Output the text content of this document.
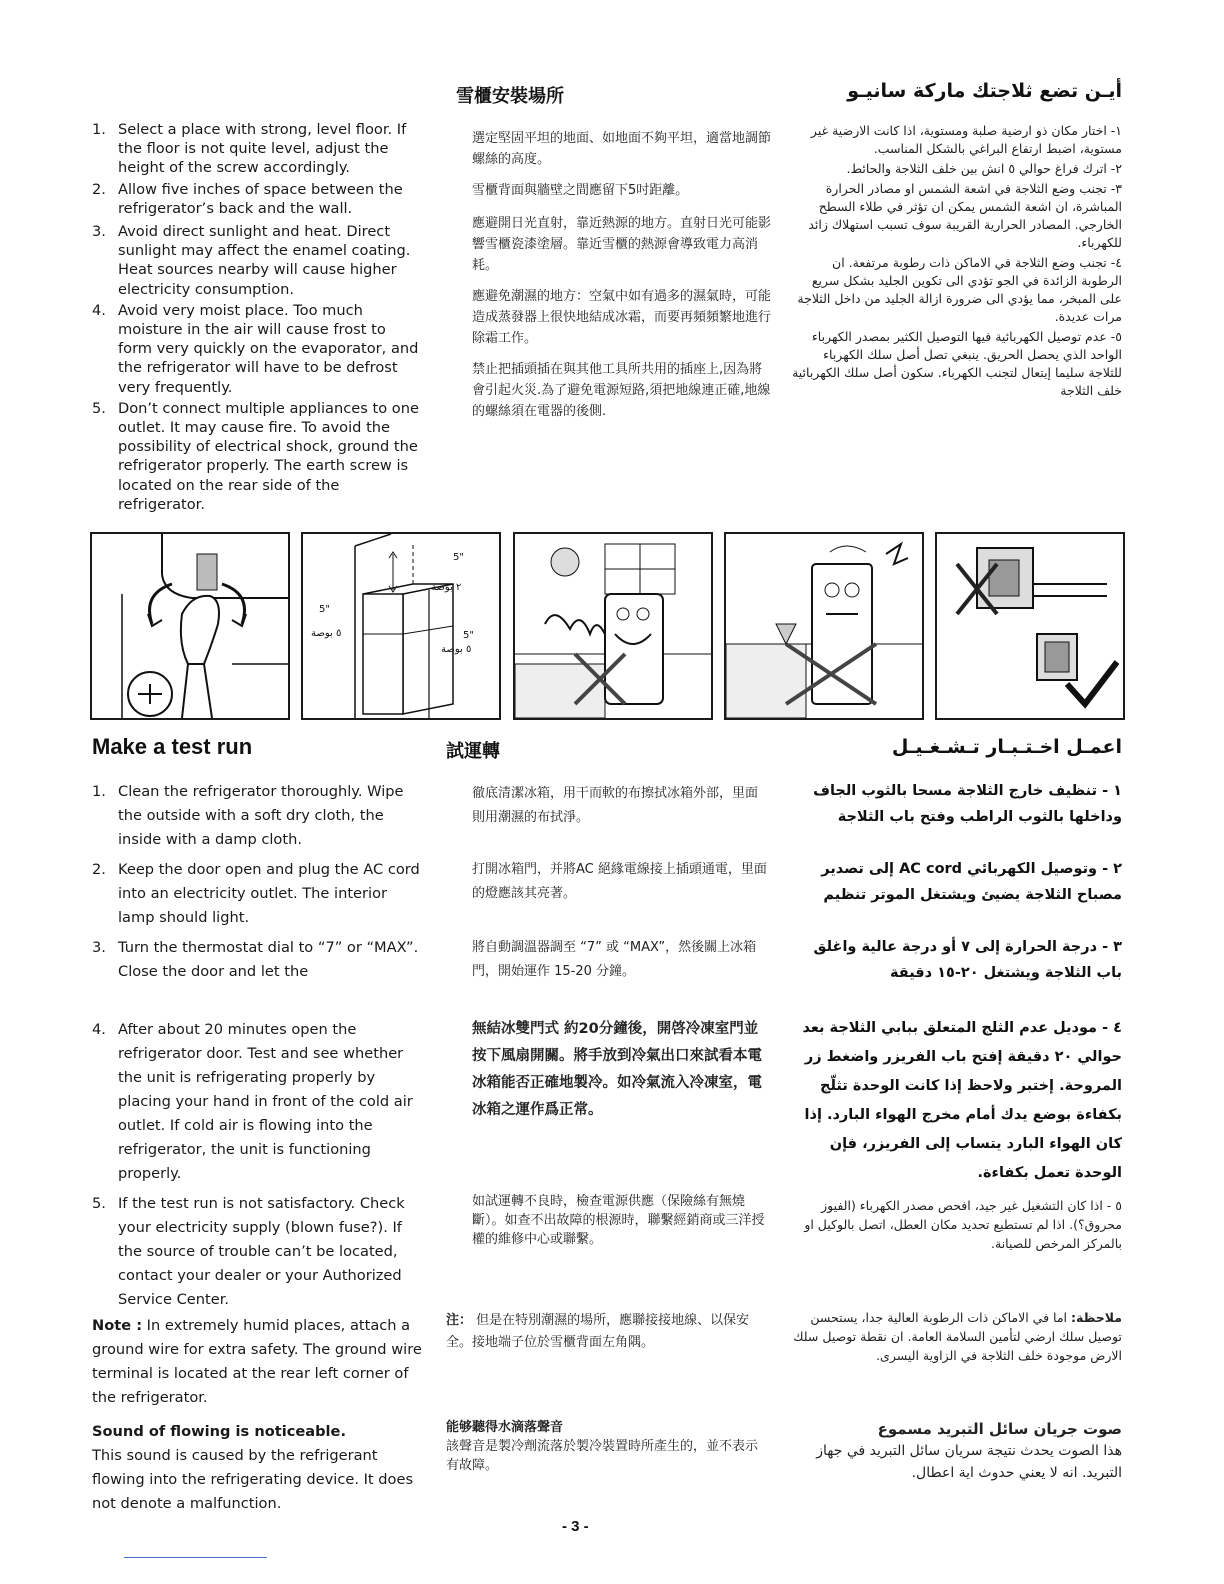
雪櫃安裝場所	أيـن تضع ثلاجتك ماركة سانيـو
1. Select a place with strong, level floor. If the floor is not quite level, adjust the height of the screw accordingly.
2. Allow five inches of space between the refrigerator’s back and the wall.
3. Avoid direct sunlight and heat. Direct sunlight may affect the enamel coating. Heat sources nearby will cause higher electricity consumption.
4. Avoid very moist place. Too much moisture in the air will cause frost to form very quickly on the evaporator, and the refrigerator will have to be defrost very frequently.
5. Don’t connect multiple appliances to one outlet. It may cause fire. To avoid the possibility of electrical shock, ground the refrigerator properly. The earth screw is located on the rear side of the refrigerator.
選定堅固平坦的地面、如地面不夠平坦，適當地調節螺絲的高度。
雪櫃背面與牆壁之間應留下5吋距離。
應避開日光直射，靠近熱源的地方。直射日光可能影響雪櫃瓷漆塗層。靠近雪櫃的熱源會導致電力高消耗。
應避免潮濕的地方：空氣中如有過多的濕氣時，可能造成蒸發器上很快地結成冰霜，而要再頻頻繁地進行除霜工作。
禁止把插頭插在與其他工具所共用的插座上,因為將會引起火災.為了避免電源短路,須把地線連正確,地線的螺絲須在電器的後側.
١- اختار مكان ذو ارضية صلبة ومستوية، اذا كانت الارضية غير مستوية، اضبط ارتفاع البراغي بالشكل المناسب.
٢- اترك فراغ حوالي ٥ انش بين خلف الثلاجة والحائط.
٣- تجنب وضع الثلاجة في اشعة الشمس او مصادر الحرارة المباشرة، ان اشعة الشمس يمكن ان تؤثر في طلاء السطح الخارجي. المصادر الحرارية القريبة سوف تسبب استهلاك زائد للكهرباء.
٤- تجنب وضع الثلاجة في الاماكن ذات رطوبة مرتفعة. ان الرطوبة الزائدة في الجو تؤدي الى تكوين الجليد بشكل سريع على المبخر، مما يؤدي الى ضرورة ازالة الجليد من داخل الثلاجة مرات عديدة.
٥- عدم توصيل الكهربائية فيها التوصيل الكثير بمصدر الكهرباء الواحد الذي يحصل الحريق. ينبغي تصل أصل سلك الكهرباء للثلاجة سليما إيتعال لتجنب الكهرباء. سكون أصل سلك الكهربائية خلف الثلاجة
5"
٢ بوصة
5"
٥ بوصة	5"
٥ بوصة
Make a test run	試運轉	اعمـل اخـتـبـار تـشـغـيـل
1. Clean the refrigerator thoroughly. Wipe the outside with a soft dry cloth, the inside with a damp cloth.
徹底清潔冰箱，用干而軟的布擦拭冰箱外部，里面則用潮濕的布拭淨。
١ - تنظيف خارج الثلاجة مسحا بالثوب الجاف وداخلها بالثوب الراطب وفتح باب الثلاجة
2. Keep the door open and plug the AC cord into an electricity outlet. The interior lamp should light.
打開冰箱門，并將AC 絕緣電線接上插頭通電，里面的燈應該其亮著。
٢ - وتوصيل الكهربائي AC cord إلى تصدير مصباح الثلاجة يضيئ ويشتغل الموتر تنظيم
3. Turn the thermostat dial to “7” or “MAX”. Close the door and let the
將自動調溫器調至 “7” 或 “MAX”，然後關上冰箱門，開始運作 15-20 分鐘。
٣ - درجة الحرارة إلى ٧ أو درجة عالية واغلق باب الثلاجة ويشتغل ٢٠-١٥ دقيقة
4. After about 20 minutes open the refrigerator door. Test and see whether the unit is refrigerating properly by placing your hand in front of the cold air outlet. If cold air is flowing into the refrigerator, the unit is functioning properly.
無結冰雙門式 約20分鐘後，開啓冷凍室門並按下風扇開關。將手放到冷氣出口來試看本電冰箱能否正確地製冷。如冷氣流入冷凍室，電冰箱之運作爲正常。
٤ - موديل عدم الثلج المتعلق ببابي الثلاجة بعد حوالي ٢٠ دقيقة إفتح باب الفريزر واضغط زر المروحة. إختبر ولاحظ إذا كانت الوحدة تثلّج بكفاءة بوضع يدك أمام مخرج الهواء البارد. إذا كان الهواء البارد يتساب إلى الفريزر، فإن الوحدة تعمل بكفاءة.
5. If the test run is not satisfactory. Check your electricity supply (blown fuse?). If the source of trouble can’t be located, contact your dealer or your Authorized Service Center.
如試運轉不良時，檢查電源供應（保險絲有無燒斷）。如查不出故障的根源時，聯繫經銷商或三洋授權的維修中心或聯繫。
٥ - اذا كان التشغيل غير جيد، افحص مصدر الكهرباء (الفيوز محروق؟). اذا لم تستطيع تحديد مكان العطل، اتصل بالوكيل او بالمركز المرخص للصيانة.
Note : In extremely humid places, attach a ground wire for extra safety. The ground wire terminal is located at the rear left corner of the refrigerator.
注： 但是在特別潮濕的場所，應聯接接地線、以保安全。接地端子位於雪櫃背面左角隅。
ملاحظة: اما في الاماكن ذات الرطوبة العالية جدا، يستحسن توصيل سلك ارضي لتأمين السلامة العامة. ان نقطة توصيل سلك الارض موجودة خلف الثلاجة في الزاوية اليسرى.
Sound of flowing is noticeable.
This sound is caused by the refrigerant flowing into the refrigerating device. It does not denote a malfunction.
能够聽得水滴落聲音
該聲音是製冷劑流落於製冷裝置時所產生的，並不表示有故障。
صوت جريان سائل التبريد مسموع
هذا الصوت يحدث نتيجة سريان سائل التبريد في جهاز التبريد. انه لا يعني حدوث اية اعطال.
- 3 -
